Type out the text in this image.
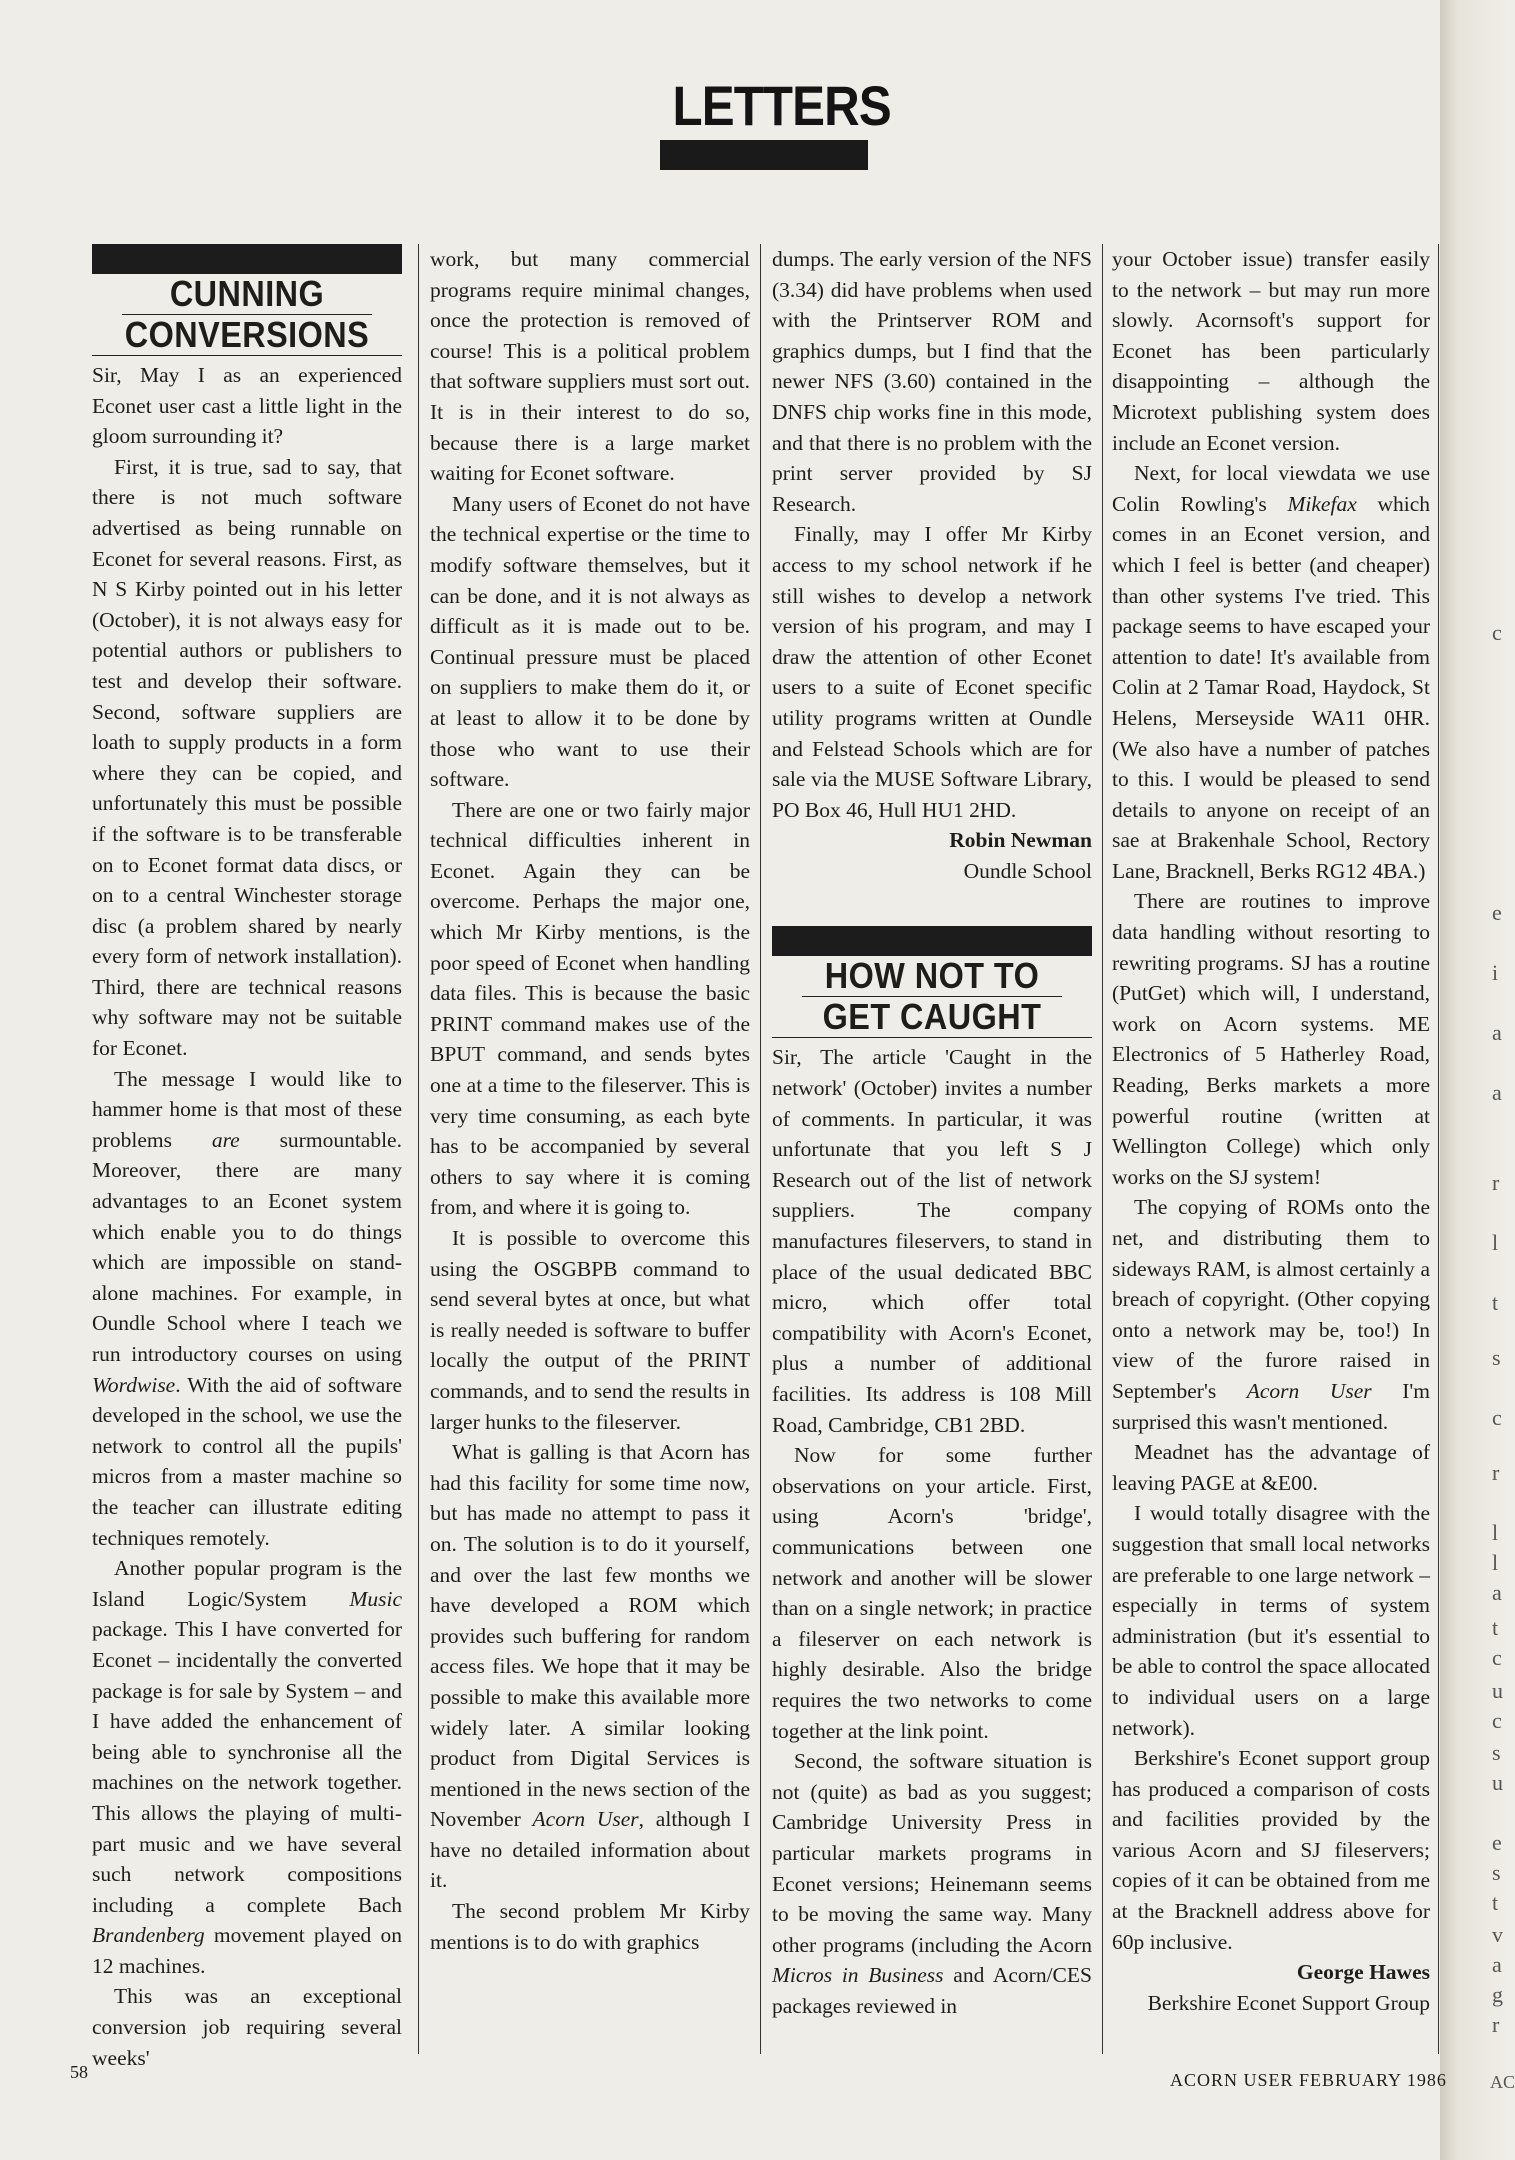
c
e
i
a
a
r
l
t
s
c
r
l
l
a
t
c
u
c
s
u
e
s
t
v
a
g
r
AC
LETTERS
CUNNING
CONVERSIONS

Sir, May I as an experienced Econet user cast a little light in the gloom surrounding it?

First, it is true, sad to say, that there is not much software advertised as being runnable on Econet for several reasons. First, as N S Kirby pointed out in his letter (October), it is not always easy for potential authors or publishers to test and develop their software. Second, software suppliers are loath to supply products in a form where they can be copied, and unfortunately this must be possible if the software is to be transferable on to Econet format data discs, or on to a central Winchester storage disc (a problem shared by nearly every form of network installation). Third, there are technical reasons why software may not be suitable for Econet.

The message I would like to hammer home is that most of these problems are surmountable. Moreover, there are many advantages to an Econet system which enable you to do things which are impossible on stand-alone machines. For example, in Oundle School where I teach we run introductory courses on using Wordwise. With the aid of software developed in the school, we use the network to control all the pupils' micros from a master machine so the teacher can illustrate editing techniques remotely.

Another popular program is the Island Logic/System Music package. This I have converted for Econet – incidentally the converted package is for sale by System – and I have added the enhancement of being able to synchronise all the machines on the network together. This allows the playing of multi-part music and we have several such network compositions including a complete Bach Brandenberg movement played on 12 machines.

This was an exceptional conversion job requiring several weeks'

work, but many commercial programs require minimal changes, once the protection is removed of course! This is a political problem that software suppliers must sort out. It is in their interest to do so, because there is a large market waiting for Econet software.

Many users of Econet do not have the technical expertise or the time to modify software themselves, but it can be done, and it is not always as difficult as it is made out to be. Continual pressure must be placed on suppliers to make them do it, or at least to allow it to be done by those who want to use their software.

There are one or two fairly major technical difficulties inherent in Econet. Again they can be overcome. Perhaps the major one, which Mr Kirby mentions, is the poor speed of Econet when handling data files. This is because the basic PRINT command makes use of the BPUT command, and sends bytes one at a time to the fileserver. This is very time consuming, as each byte has to be accompanied by several others to say where it is coming from, and where it is going to.

It is possible to overcome this using the OSGBPB command to send several bytes at once, but what is really needed is software to buffer locally the output of the PRINT commands, and to send the results in larger hunks to the fileserver.

What is galling is that Acorn has had this facility for some time now, but has made no attempt to pass it on. The solution is to do it yourself, and over the last few months we have developed a ROM which provides such buffering for random access files. We hope that it may be possible to make this available more widely later. A similar looking product from Digital Services is mentioned in the news section of the November Acorn User, although I have no detailed information about it.

The second problem Mr Kirby mentions is to do with graphics

dumps. The early version of the NFS (3.34) did have problems when used with the Printserver ROM and graphics dumps, but I find that the newer NFS (3.60) contained in the DNFS chip works fine in this mode, and that there is no problem with the print server provided by SJ Research.

Finally, may I offer Mr Kirby access to my school network if he still wishes to develop a network version of his program, and may I draw the attention of other Econet users to a suite of Econet specific utility programs written at Oundle and Felstead Schools which are for sale via the MUSE Software Library, PO Box 46, Hull HU1 2HD.

Robin Newman

Oundle School

HOW NOT TO
GET CAUGHT

Sir, The article 'Caught in the network' (October) invites a number of comments. In particular, it was unfortunate that you left S J Research out of the list of network suppliers. The company manufactures fileservers, to stand in place of the usual dedicated BBC micro, which offer total compatibility with Acorn's Econet, plus a number of additional facilities. Its address is 108 Mill Road, Cambridge, CB1 2BD.

Now for some further observations on your article. First, using Acorn's 'bridge', communications between one network and another will be slower than on a single network; in practice a fileserver on each network is highly desirable. Also the bridge requires the two networks to come together at the link point.

Second, the software situation is not (quite) as bad as you suggest; Cambridge University Press in particular markets programs in Econet versions; Heinemann seems to be moving the same way. Many other programs (including the Acorn Micros in Business and Acorn/CES packages reviewed in

your October issue) transfer easily to the network – but may run more slowly. Acornsoft's support for Econet has been particularly disappointing – although the Microtext publishing system does include an Econet version.

Next, for local viewdata we use Colin Rowling's Mikefax which comes in an Econet version, and which I feel is better (and cheaper) than other systems I've tried. This package seems to have escaped your attention to date! It's available from Colin at 2 Tamar Road, Haydock, St Helens, Merseyside WA11 0HR. (We also have a number of patches to this. I would be pleased to send details to anyone on receipt of an sae at Brakenhale School, Rectory Lane, Bracknell, Berks RG12 4BA.)

There are routines to improve data handling without resorting to rewriting programs. SJ has a routine (PutGet) which will, I understand, work on Acorn systems. ME Electronics of 5 Hatherley Road, Reading, Berks markets a more powerful routine (written at Wellington College) which only works on the SJ system!

The copying of ROMs onto the net, and distributing them to sideways RAM, is almost certainly a breach of copyright. (Other copying onto a network may be, too!) In view of the furore raised in September's Acorn User I'm surprised this wasn't mentioned.

Meadnet has the advantage of leaving PAGE at &E00.

I would totally disagree with the suggestion that small local networks are preferable to one large network – especially in terms of system administration (but it's essential to be able to control the space allocated to individual users on a large network).

Berkshire's Econet support group has produced a comparison of costs and facilities provided by the various Acorn and SJ fileservers; copies of it can be obtained from me at the Bracknell address above for 60p inclusive.

George Hawes

Berkshire Econet Support Group

58	ACORN USER FEBRUARY 1986
